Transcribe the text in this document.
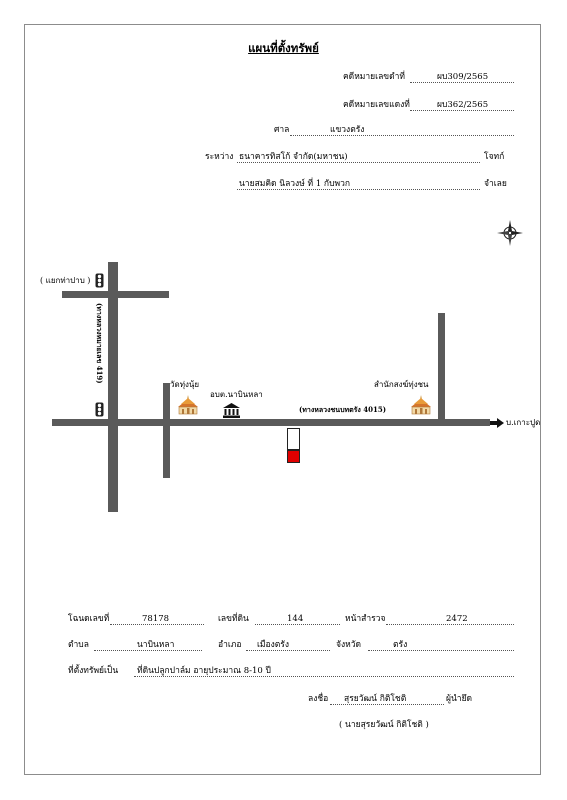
แผนที่ตั้งทรัพย์
คดีหมายเลขดำที่	ผบ309/2565
คดีหมายเลขแดงที่	ผบ362/2565
ศาล	แขวงตรัง
ระหว่าง ธนาคารทิสโก้ จำกัด(มหาชน)	โจทก์
นายสมคิด นิลวงษ์ ที่ 1 กับพวก	จำเลย
( แยกท่าปาบ )
(ทางหลวงหมายเลข 419)
วัดทุ่งนุ้ย
อบต.นาบินหลา
(ทางหลวงชนบทตรัง 4015)
สำนักสงฆ์ทุ่งชน
บ.เกาะปูด
โฉนดเลขที่	78178	เลขที่ดิน	144	หน้าสำรวจ	2472
ตำบล	นาบินหลา	อำเภอ เมืองตรัง	จังหวัด	ตรัง
ที่ตั้งทรัพย์เป็น ที่ดินปลูกปาล์ม อายุประมาณ 8-10 ปี
ลงชื่อ สุรยวัฒน์ กิติโชติ	ผู้นำยึด
( นายสุรยวัฒน์ กิติโชติ )
